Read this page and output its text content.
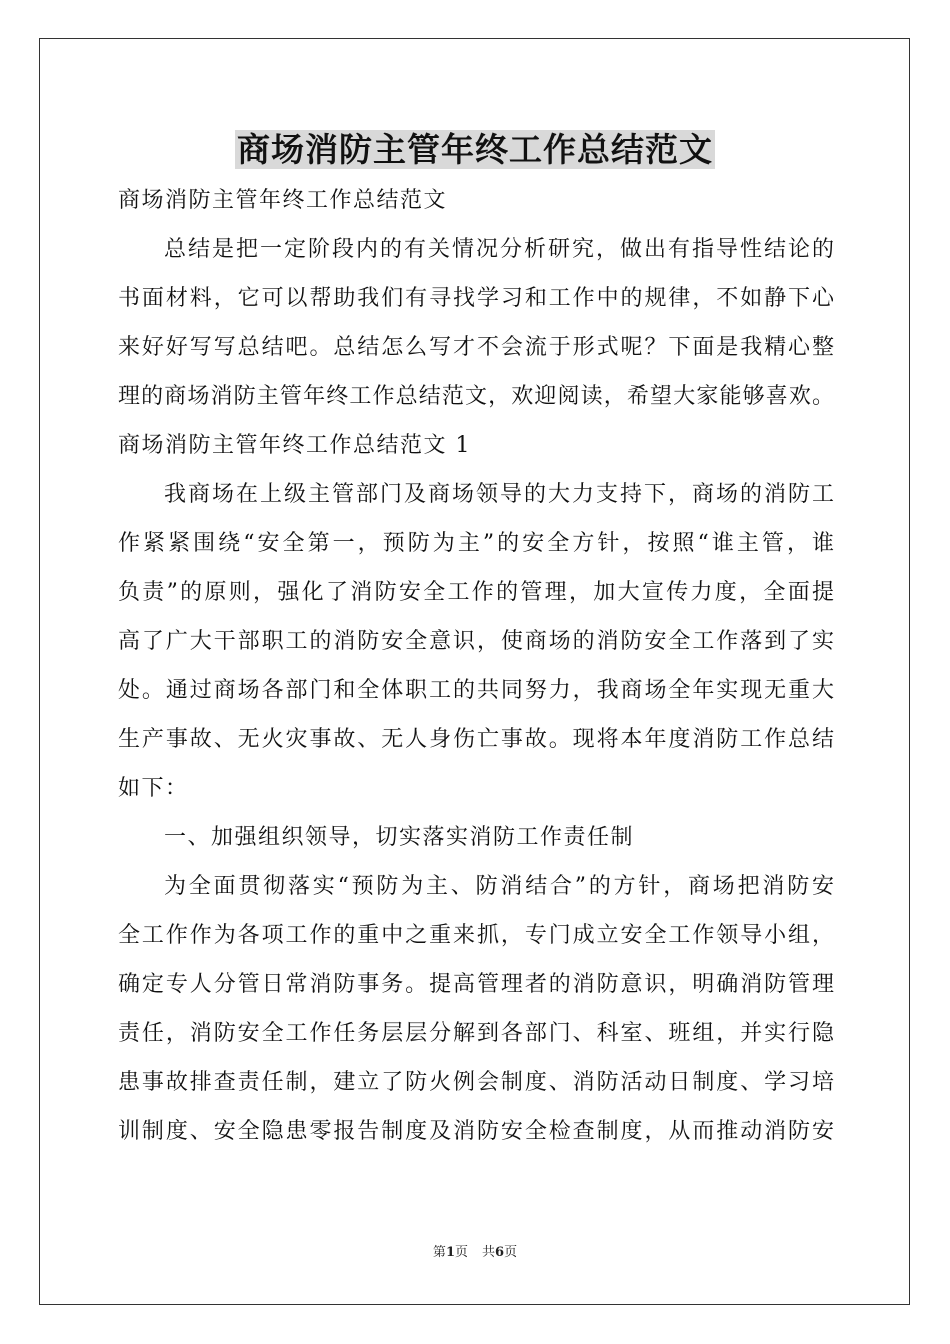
商场消防主管年终工作总结范文
商场消防主管年终工作总结范文
总结是把一定阶段内的有关情况分析研究，做出有指导性结论的
书面材料，它可以帮助我们有寻找学习和工作中的规律，不如静下心
来好好写写总结吧。总结怎么写才不会流于形式呢？下面是我精心整
理的商场消防主管年终工作总结范文，欢迎阅读，希望大家能够喜欢。
商场消防主管年终工作总结范文 1
我商场在上级主管部门及商场领导的大力支持下，商场的消防工
作紧紧围绕“安全第一，预防为主”的安全方针，按照“谁主管，谁
负责”的原则，强化了消防安全工作的管理，加大宣传力度，全面提
高了广大干部职工的消防安全意识，使商场的消防安全工作落到了实
处。通过商场各部门和全体职工的共同努力，我商场全年实现无重大
生产事故、无火灾事故、无人身伤亡事故。现将本年度消防工作总结
如下：
一、加强组织领导，切实落实消防工作责任制
为全面贯彻落实“预防为主、防消结合”的方针，商场把消防安
全工作作为各项工作的重中之重来抓，专门成立安全工作领导小组，
确定专人分管日常消防事务。提高管理者的消防意识，明确消防管理
责任，消防安全工作任务层层分解到各部门、科室、班组，并实行隐
患事故排查责任制，建立了防火例会制度、消防活动日制度、学习培
训制度、安全隐患零报告制度及消防安全检查制度，从而推动消防安
第1页 共6页
